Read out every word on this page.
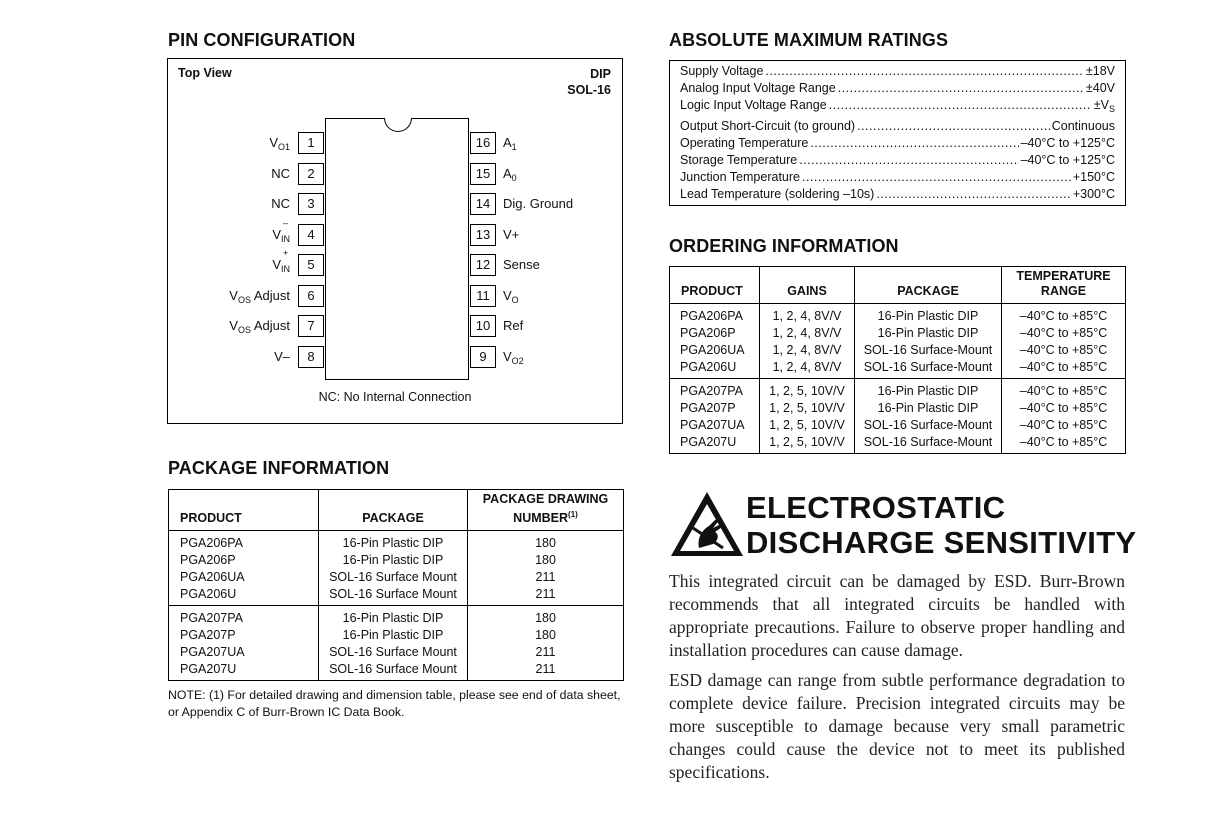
PIN CONFIGURATION
Top View	DIP
SOL-16
1
$V_{O1}$
2
NC
3
NC
4
V
–
$_{IN}$
5
V
+
$_{IN}$
6
$V_{OS}$ Adjust
7
$V_{OS}$ Adjust
8
V–
16 $A_1$
15 $A_0$
14 Dig. Ground
13 V+
12 Sense
11	$V_O$
10 Ref
9	$V_{O2}$
NC: No Internal Connection
PACKAGE INFORMATION
PRODUCT	PACKAGE	PACKAGE DRAWING
NUMBER$^{(1)}$
PGA206PA	16-Pin Plastic DIP	180
PGA206P	16-Pin Plastic DIP	180
PGA206UA	SOL-16 Surface Mount	211
PGA206U	SOL-16 Surface Mount	211
PGA207PA	16-Pin Plastic DIP	180
PGA207P	16-Pin Plastic DIP	180
PGA207UA	SOL-16 Surface Mount	211
PGA207U	SOL-16 Surface Mount	211
NOTE: (1) For detailed drawing and dimension table, please see end of data sheet, or Appendix C of Burr-Brown IC Data Book.
ABSOLUTE MAXIMUM RATINGS
Supply Voltage .....	±18V
Analog Input Voltage Range .....	±40V
Logic Input Voltage Range .....	$\pm V_S$
Output Short-Circuit (to ground) .....	Continuous
Operating Temperature .....	–40°C to +125°C
Storage Temperature .....	–40°C to +125°C
Junction Temperature .....	+150°C
Lead Temperature (soldering –10s) .....	+300°C
ORDERING INFORMATION
PRODUCT	GAINS	PACKAGE	TEMPERATURE
RANGE
PGA206PA	1, 2, 4, 8V/V	16-Pin Plastic DIP	–40°C to +85°C
PGA206P	1, 2, 4, 8V/V	16-Pin Plastic DIP	–40°C to +85°C
PGA206UA	1, 2, 4, 8V/V	SOL-16 Surface-Mount	–40°C to +85°C
PGA206U	1, 2, 4, 8V/V	SOL-16 Surface-Mount	–40°C to +85°C
PGA207PA	1, 2, 5, 10V/V	16-Pin Plastic DIP	–40°C to +85°C
PGA207P	1, 2, 5, 10V/V	16-Pin Plastic DIP	–40°C to +85°C
PGA207UA	1, 2, 5, 10V/V	SOL-16 Surface-Mount	–40°C to +85°C
PGA207U	1, 2, 5, 10V/V	SOL-16 Surface-Mount	–40°C to +85°C
ELECTROSTATIC
DISCHARGE SENSITIVITY
This integrated circuit can be damaged by ESD. Burr-Brown recommends that all integrated circuits be handled with appropriate precautions. Failure to observe proper handling and installation procedures can cause damage.
ESD damage can range from subtle performance degradation to complete device failure. Precision integrated circuits may be more susceptible to damage because very small parametric changes could cause the device not to meet its published specifications.
